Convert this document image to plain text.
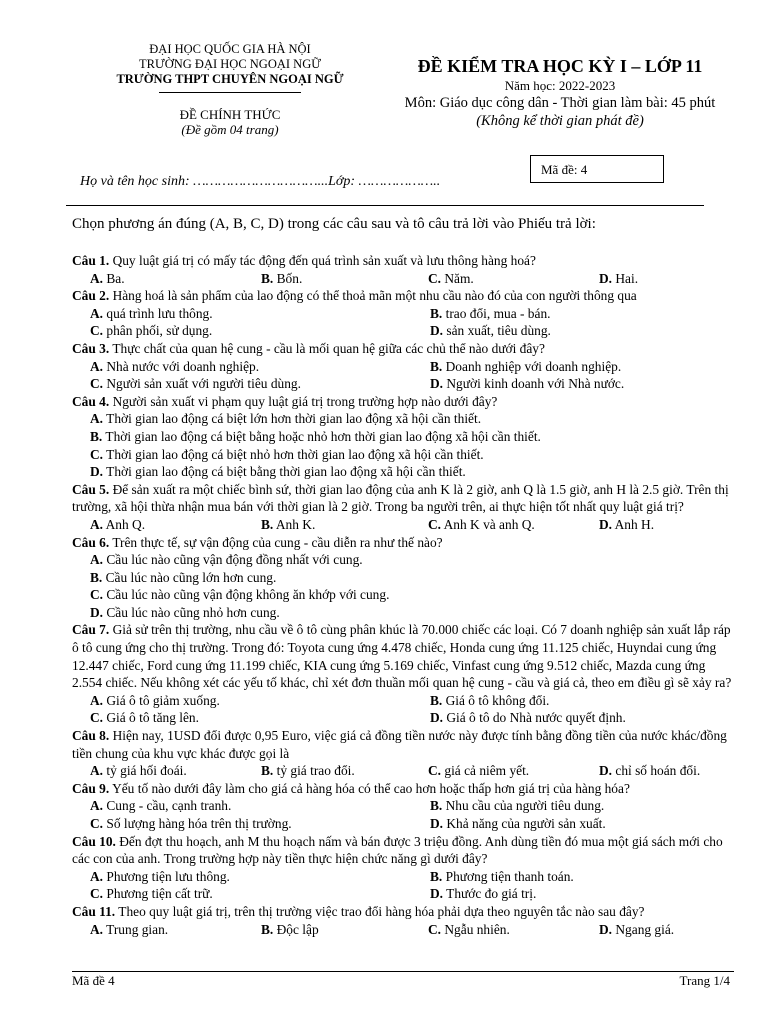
ĐẠI HỌC QUỐC GIA HÀ NỘI
TRƯỜNG ĐẠI HỌC NGOẠI NGỮ
TRƯỜNG THPT CHUYÊN NGOẠI NGỮ
ĐỀ CHÍNH THỨC
(Đề gồm 04 trang)
ĐỀ KIỂM TRA HỌC KỲ I – LỚP 11
Năm học: 2022-2023
Môn: Giáo dục công dân - Thời gian làm bài: 45 phút
(Không kể thời gian phát đề)
Mã đề: 4
Họ và tên học sinh: …………………………...Lớp: ………………..
Chọn phương án đúng (A, B, C, D) trong các câu sau và tô câu trả lời vào Phiếu trả lời:

Câu 1. Quy luật giá trị có mấy tác động đến quá trình sản xuất và lưu thông hàng hoá?

A. Ba.	B. Bốn.	C. Năm.	D. Hai.

Câu 2. Hàng hoá là sản phẩm của lao động có thể thoả mãn một nhu cầu nào đó của con người thông qua

A. quá trình lưu thông.	B. trao đổi, mua - bán.
C. phân phối, sử dụng.	D. sản xuất, tiêu dùng.

Câu 3. Thực chất của quan hệ cung - cầu là mối quan hệ giữa các chủ thể nào dưới đây?

A. Nhà nước với doanh nghiệp.	B. Doanh nghiệp với doanh nghiệp.
C. Người sản xuất với người tiêu dùng.	D. Người kinh doanh với Nhà nước.

Câu 4. Người sản xuất vi phạm quy luật giá trị trong trường hợp nào dưới đây?

A. Thời gian lao động cá biệt lớn hơn thời gian lao động xã hội cần thiết.
B. Thời gian lao động cá biệt bằng hoặc nhỏ hơn thời gian lao động xã hội cần thiết.
C. Thời gian lao động cá biệt nhỏ hơn thời gian lao động xã hội cần thiết.
D. Thời gian lao động cá biệt bằng thời gian lao động xã hội cần thiết.

Câu 5. Để sản xuất ra một chiếc bình sứ, thời gian lao động của anh K là 2 giờ, anh Q là 1.5 giờ, anh H là 2.5 giờ. Trên thị trường, xã hội thừa nhận mua bán với thời gian là 2 giờ. Trong ba người trên, ai thực hiện tốt nhất quy luật giá trị?

A. Anh Q.	B. Anh K.	C. Anh K và anh Q.	D. Anh H.

Câu 6. Trên thực tế, sự vận động của cung - cầu diễn ra như thế nào?

A. Cầu lúc nào cũng vận động đồng nhất với cung.
B. Cầu lúc nào cũng lớn hơn cung.
C. Cầu lúc nào cũng vận động không ăn khớp với cung.
D. Cầu lúc nào cũng nhỏ hơn cung.

Câu 7. Giả sử trên thị trường, nhu cầu về ô tô cùng phân khúc là 70.000 chiếc các loại. Có 7 doanh nghiệp sản xuất lắp ráp ô tô cung ứng cho thị trường. Trong đó: Toyota cung ứng 4.478 chiếc, Honda cung ứng 11.125 chiếc, Huyndai cung ứng 12.447 chiếc, Ford cung ứng 11.199 chiếc, KIA cung ứng 5.169 chiếc, Vinfast cung ứng 9.512 chiếc, Mazda cung ứng 2.554 chiếc. Nếu không xét các yếu tố khác, chỉ xét đơn thuần mối quan hệ cung - cầu và giá cả, theo em điều gì sẽ xảy ra?

A. Giá ô tô giảm xuống.	B. Giá ô tô không đổi.
C. Giá ô tô tăng lên.	D. Giá ô tô do Nhà nước quyết định.

Câu 8. Hiện nay, 1USD đổi được 0,95 Euro, việc giá cả đồng tiền nước này được tính bằng đồng tiền của nước khác/đồng tiền chung của khu vực khác được gọi là

A. tỷ giá hối đoái.	B. tỷ giá trao đổi.	C. giá cả niêm yết.	D. chỉ số hoán đổi.

Câu 9. Yếu tố nào dưới đây làm cho giá cả hàng hóa có thể cao hơn hoặc thấp hơn giá trị của hàng hóa?

A. Cung - cầu, cạnh tranh.	B. Nhu cầu của người tiêu dung.
C. Số lượng hàng hóa trên thị trường.	D. Khả năng của người sản xuất.

Câu 10. Đến đợt thu hoạch, anh M thu hoạch nấm và bán được 3 triệu đồng. Anh dùng tiền đó mua một giá sách mới cho các con của anh. Trong trường hợp này tiền thực hiện chức năng gì dưới đây?

A. Phương tiện lưu thông.	B. Phương tiện thanh toán.
C. Phương tiện cất trữ.	D. Thước đo giá trị.

Câu 11. Theo quy luật giá trị, trên thị trường việc trao đổi hàng hóa phải dựa theo nguyên tắc nào sau đây?

A. Trung gian.	B. Độc lập	C. Ngẫu nhiên.	D. Ngang giá.
Mã đề 4	Trang 1/4
